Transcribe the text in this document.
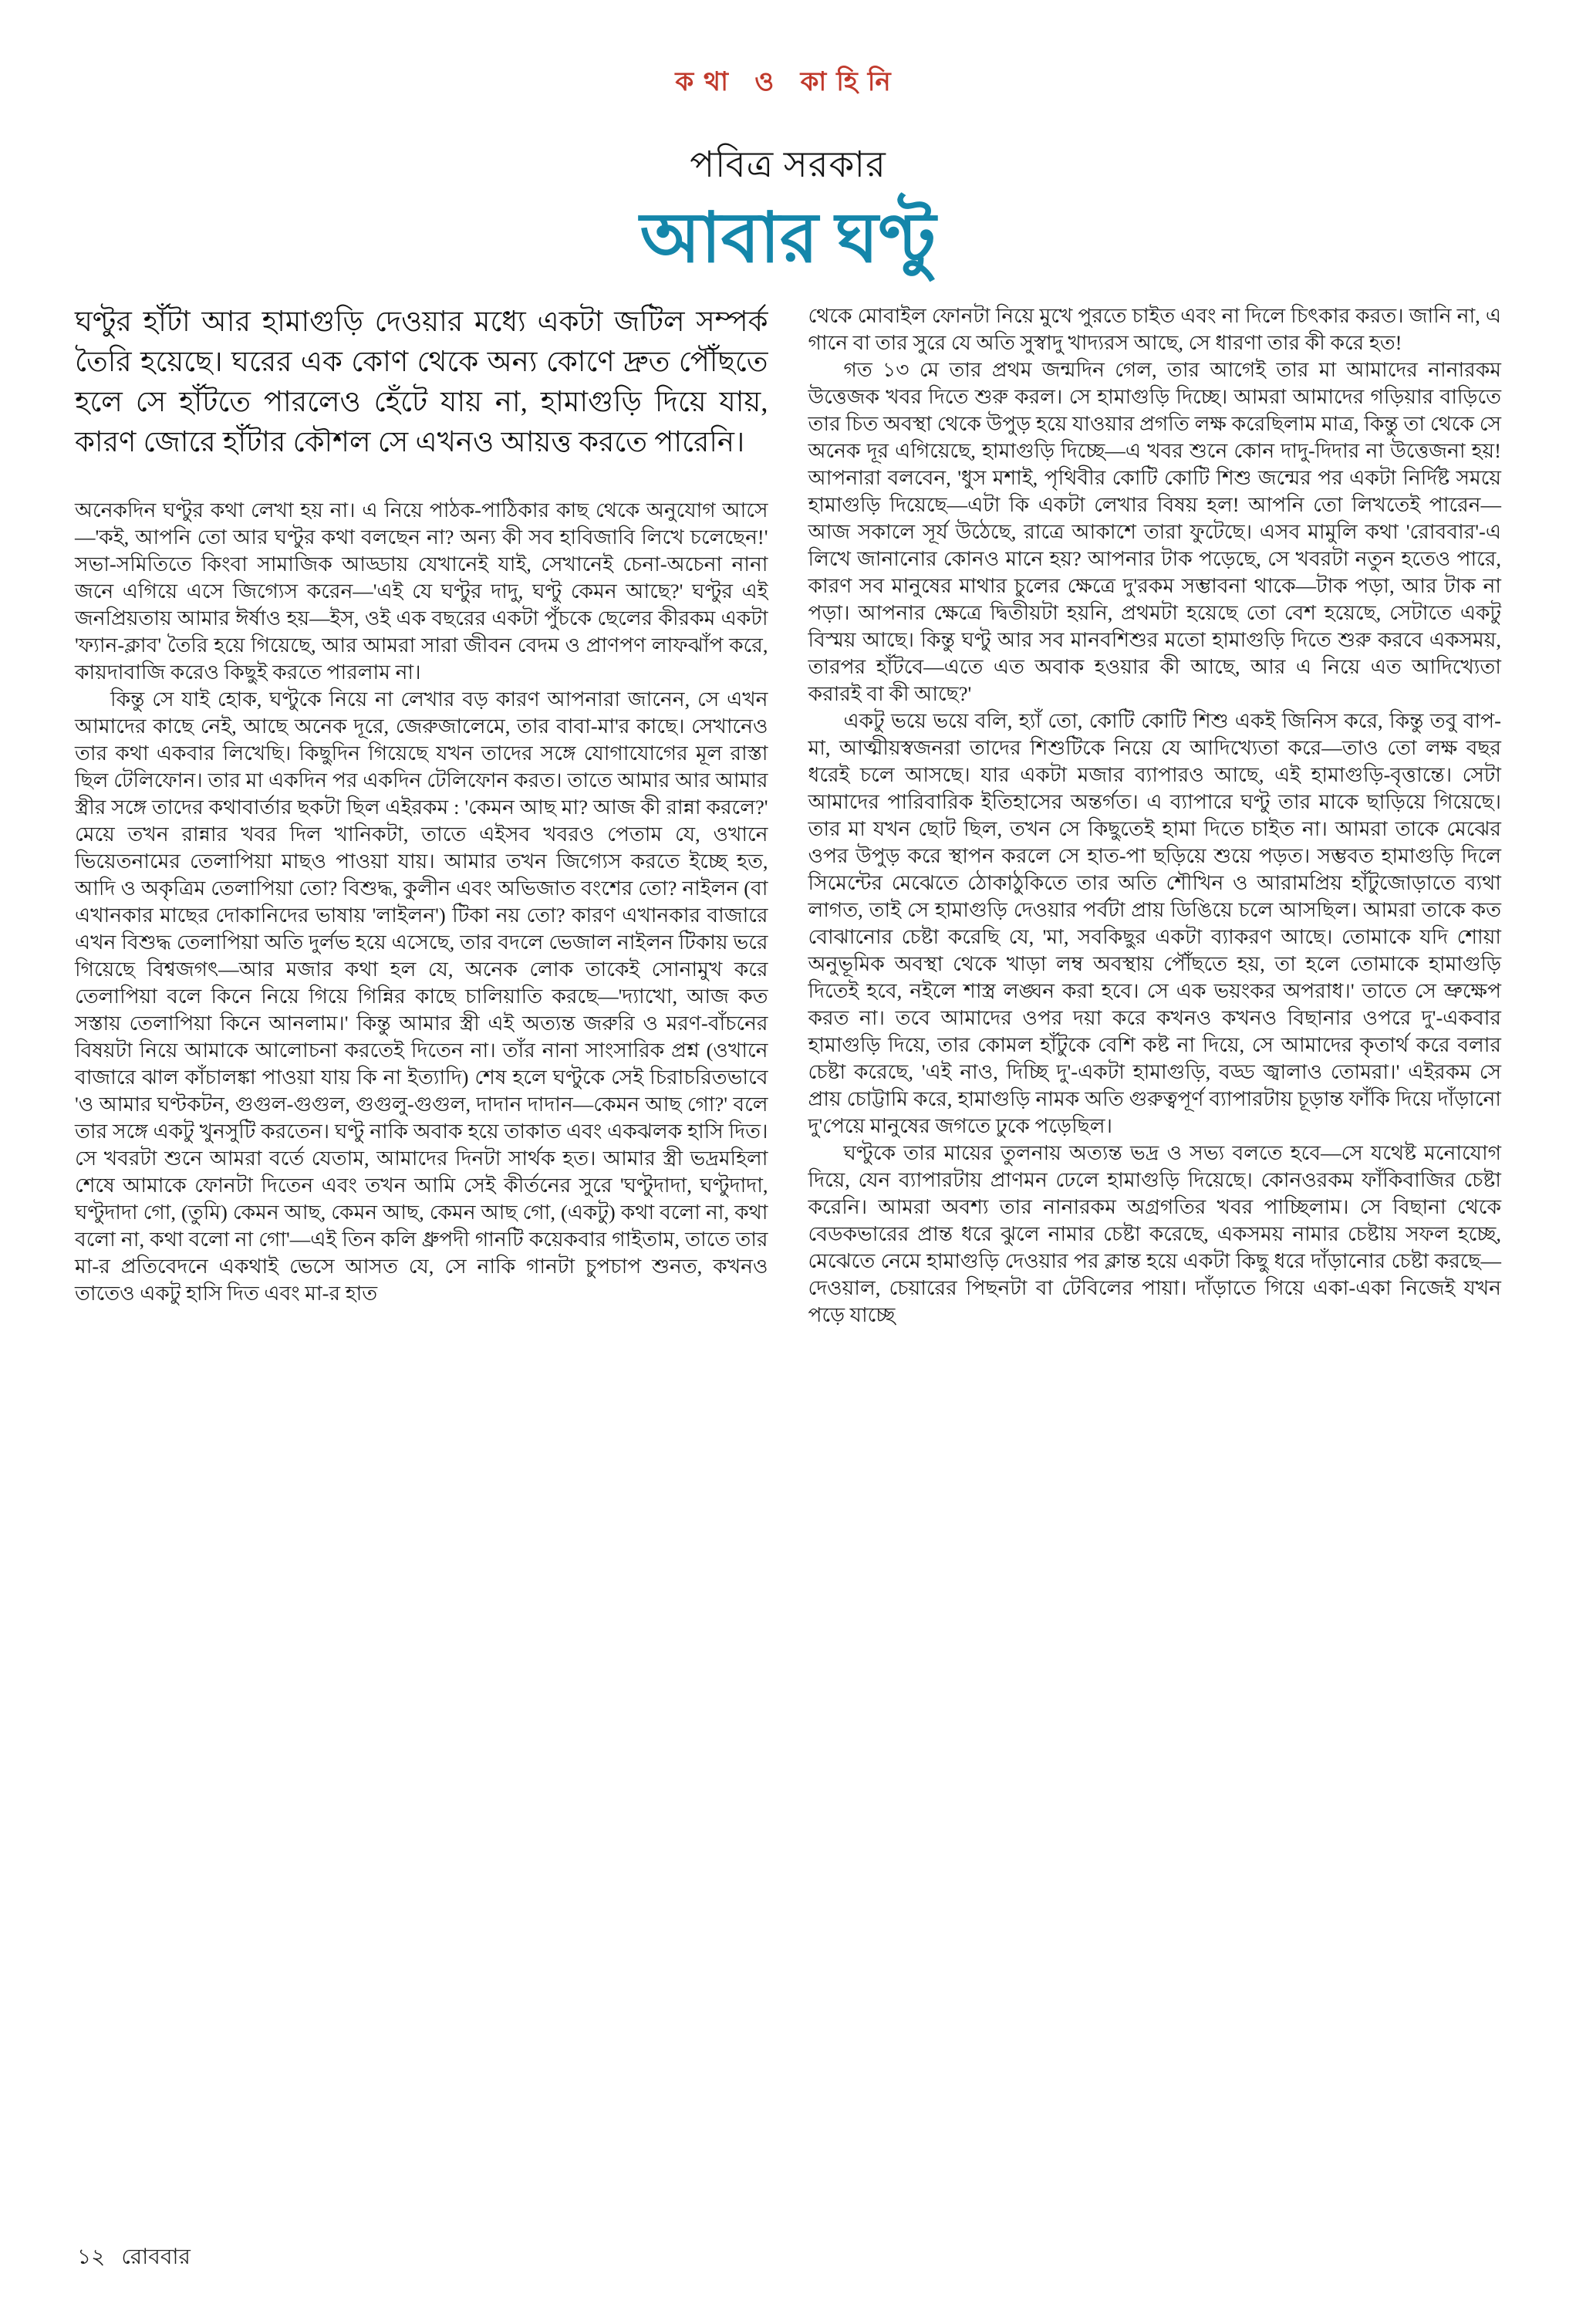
কথা ও কাহিনি
পবিত্র সরকার
আবার ঘণ্টু

ঘণ্টুর হাঁটা আর হামাগুড়ি দেওয়ার মধ্যে একটা জটিল সম্পর্ক তৈরি হয়েছে। ঘরের এক কোণ থেকে অন্য কোণে দ্রুত পৌঁছতে হলে সে হাঁটতে পারলেও হেঁটে যায় না, হামাগুড়ি দিয়ে যায়, কারণ জোরে হাঁটার কৌশল সে এখনও আয়ত্ত করতে পারেনি।

অনেকদিন ঘণ্টুর কথা লেখা হয় না। এ নিয়ে পাঠক-পাঠিকার কাছ থেকে অনুযোগ আসে—'কই, আপনি তো আর ঘণ্টুর কথা বলছেন না? অন্য কী সব হাবিজাবি লিখে চলেছেন!' সভা-সমিতিতে কিংবা সামাজিক আড্ডায় যেখানেই যাই, সেখানেই চেনা-অচেনা নানা জনে এগিয়ে এসে জিগ্যেস করেন—'এই যে ঘণ্টুর দাদু, ঘণ্টু কেমন আছে?' ঘণ্টুর এই জনপ্রিয়তায় আমার ঈর্ষাও হয়—ইস, ওই এক বছরের একটা পুঁচকে ছেলের কীরকম একটা 'ফ্যান-ক্লাব' তৈরি হয়ে গিয়েছে, আর আমরা সারা জীবন বেদম ও প্রাণপণ লাফঝাঁপ করে, কায়দাবাজি করেও কিছুই করতে পারলাম না।

কিন্তু সে যাই হোক, ঘণ্টুকে নিয়ে না লেখার বড় কারণ আপনারা জানেন, সে এখন আমাদের কাছে নেই, আছে অনেক দূরে, জেরুজালেমে, তার বাবা-মা'র কাছে। সেখানেও তার কথা একবার লিখেছি। কিছুদিন গিয়েছে যখন তাদের সঙ্গে যোগাযোগের মূল রাস্তা ছিল টেলিফোন। তার মা একদিন পর একদিন টেলিফোন করত। তাতে আমার আর আমার স্ত্রীর সঙ্গে তাদের কথাবার্তার ছকটা ছিল এইরকম : 'কেমন আছ মা? আজ কী রান্না করলে?' মেয়ে তখন রান্নার খবর দিল খানিকটা, তাতে এইসব খবরও পেতাম যে, ওখানে ভিয়েতনামের তেলাপিয়া মাছও পাওয়া যায়। আমার তখন জিগ্যেস করতে ইচ্ছে হত, আদি ও অকৃত্রিম তেলাপিয়া তো? বিশুদ্ধ, কুলীন এবং অভিজাত বংশের তো? নাইলন (বা এখানকার মাছের দোকানিদের ভাষায় 'লাইলন') টিকা নয় তো? কারণ এখানকার বাজারে এখন বিশুদ্ধ তেলাপিয়া অতি দুর্লভ হয়ে এসেছে, তার বদলে ভেজাল নাইলন টিকায় ভরে গিয়েছে বিশ্বজগৎ—আর মজার কথা হল যে, অনেক লোক তাকেই সোনামুখ করে তেলাপিয়া বলে কিনে নিয়ে গিয়ে গিন্নির কাছে চালিয়াতি করছে—'দ্যাখো, আজ কত সস্তায় তেলাপিয়া কিনে আনলাম।' কিন্তু আমার স্ত্রী এই অত্যন্ত জরুরি ও মরণ-বাঁচনের বিষয়টা নিয়ে আমাকে আলোচনা করতেই দিতেন না। তাঁর নানা সাংসারিক প্রশ্ন (ওখানে বাজারে ঝাল কাঁচালঙ্কা পাওয়া যায় কি না ইত্যাদি) শেষ হলে ঘণ্টুকে সেই চিরাচরিতভাবে 'ও আমার ঘণ্টকটন, গুগুল-গুগুল, গুগুলু-গুগুল, দাদান দাদান—কেমন আছ গো?' বলে তার সঙ্গে একটু খুনসুটি করতেন। ঘণ্টু নাকি অবাক হয়ে তাকাত এবং একঝলক হাসি দিত। সে খবরটা শুনে আমরা বর্তে যেতাম, আমাদের দিনটা সার্থক হত। আমার স্ত্রী ভদ্রমহিলা শেষে আমাকে ফোনটা দিতেন এবং তখন আমি সেই কীর্তনের সুরে 'ঘণ্টুদাদা, ঘণ্টুদাদা, ঘণ্টুদাদা গো, (তুমি) কেমন আছ, কেমন আছ, কেমন আছ গো, (একটু) কথা বলো না, কথা বলো না, কথা বলো না গো'—এই তিন কলি ধ্রুপদী গানটি কয়েকবার গাইতাম, তাতে তার মা-র প্রতিবেদনে একথাই ভেসে আসত যে, সে নাকি গানটা চুপচাপ শুনত, কখনও তাতেও একটু হাসি দিত এবং মা-র হাত

থেকে মোবাইল ফোনটা নিয়ে মুখে পুরতে চাইত এবং না দিলে চিৎকার করত। জানি না, এ গানে বা তার সুরে যে অতি সুস্বাদু খাদ্যরস আছে, সে ধারণা তার কী করে হত!

গত ১৩ মে তার প্রথম জন্মদিন গেল, তার আগেই তার মা আমাদের নানারকম উত্তেজক খবর দিতে শুরু করল। সে হামাগুড়ি দিচ্ছে। আমরা আমাদের গড়িয়ার বাড়িতে তার চিত অবস্থা থেকে উপুড় হয়ে যাওয়ার প্রগতি লক্ষ করেছিলাম মাত্র, কিন্তু তা থেকে সে অনেক দূর এগিয়েছে, হামাগুড়ি দিচ্ছে—এ খবর শুনে কোন দাদু-দিদার না উত্তেজনা হয়! আপনারা বলবেন, 'ধুস মশাই, পৃথিবীর কোটি কোটি শিশু জন্মের পর একটা নির্দিষ্ট সময়ে হামাগুড়ি দিয়েছে—এটা কি একটা লেখার বিষয় হল! আপনি তো লিখতেই পারেন—আজ সকালে সূর্য উঠেছে, রাত্রে আকাশে তারা ফুটেছে। এসব মামুলি কথা 'রোববার'-এ লিখে জানানোর কোনও মানে হয়? আপনার টাক পড়েছে, সে খবরটা নতুন হতেও পারে, কারণ সব মানুষের মাথার চুলের ক্ষেত্রে দু'রকম সম্ভাবনা থাকে—টাক পড়া, আর টাক না পড়া। আপনার ক্ষেত্রে দ্বিতীয়টা হয়নি, প্রথমটা হয়েছে তো বেশ হয়েছে, সেটাতে একটু বিস্ময় আছে। কিন্তু ঘণ্টু আর সব মানবশিশুর মতো হামাগুড়ি দিতে শুরু করবে একসময়, তারপর হাঁটবে—এতে এত অবাক হওয়ার কী আছে, আর এ নিয়ে এত আদিখ্যেতা করারই বা কী আছে?'

একটু ভয়ে ভয়ে বলি, হ্যাঁ তো, কোটি কোটি শিশু একই জিনিস করে, কিন্তু তবু বাপ-মা, আত্মীয়স্বজনরা তাদের শিশুটিকে নিয়ে যে আদিখ্যেতা করে—তাও তো লক্ষ বছর ধরেই চলে আসছে। যার একটা মজার ব্যাপারও আছে, এই হামাগুড়ি-বৃত্তান্তে। সেটা আমাদের পারিবারিক ইতিহাসের অন্তর্গত। এ ব্যাপারে ঘণ্টু তার মাকে ছাড়িয়ে গিয়েছে। তার মা যখন ছোট ছিল, তখন সে কিছুতেই হামা দিতে চাইত না। আমরা তাকে মেঝের ওপর উপুড় করে স্থাপন করলে সে হাত-পা ছড়িয়ে শুয়ে পড়ত। সম্ভবত হামাগুড়ি দিলে সিমেন্টের মেঝেতে ঠোকাঠুকিতে তার অতি শৌখিন ও আরামপ্রিয় হাঁটুজোড়াতে ব্যথা লাগত, তাই সে হামাগুড়ি দেওয়ার পর্বটা প্রায় ডিঙিয়ে চলে আসছিল। আমরা তাকে কত বোঝানোর চেষ্টা করেছি যে, 'মা, সবকিছুর একটা ব্যাকরণ আছে। তোমাকে যদি শোয়া অনুভূমিক অবস্থা থেকে খাড়া লম্ব অবস্থায় পৌঁছতে হয়, তা হলে তোমাকে হামাগুড়ি দিতেই হবে, নইলে শাস্ত্র লঙ্ঘন করা হবে। সে এক ভয়ংকর অপরাধ।' তাতে সে ভ্রুক্ষেপ করত না। তবে আমাদের ওপর দয়া করে কখনও কখনও বিছানার ওপরে দু'-একবার হামাগুড়ি দিয়ে, তার কোমল হাঁটুকে বেশি কষ্ট না দিয়ে, সে আমাদের কৃতার্থ করে বলার চেষ্টা করেছে, 'এই নাও, দিচ্ছি দু'-একটা হামাগুড়ি, বড্ড জ্বালাও তোমরা।' এইরকম সে প্রায় চোট্টামি করে, হামাগুড়ি নামক অতি গুরুত্বপূর্ণ ব্যাপারটায় চূড়ান্ত ফাঁকি দিয়ে দাঁড়ানো দু'পেয়ে মানুষের জগতে ঢুকে পড়েছিল।

ঘণ্টুকে তার মায়ের তুলনায় অত্যন্ত ভদ্র ও সভ্য বলতে হবে—সে যথেষ্ট মনোযোগ দিয়ে, যেন ব্যাপারটায় প্রাণমন ঢেলে হামাগুড়ি দিয়েছে। কোনওরকম ফাঁকিবাজির চেষ্টা করেনি। আমরা অবশ্য তার নানারকম অগ্রগতির খবর পাচ্ছিলাম। সে বিছানা থেকে বেডকভারের প্রান্ত ধরে ঝুলে নামার চেষ্টা করেছে, একসময় নামার চেষ্টায় সফল হচ্ছে, মেঝেতে নেমে হামাগুড়ি দেওয়ার পর ক্লান্ত হয়ে একটা কিছু ধরে দাঁড়ানোর চেষ্টা করছে—দেওয়াল, চেয়ারের পিছনটা বা টেবিলের পায়া। দাঁড়াতে গিয়ে একা-একা নিজেই যখন পড়ে যাচ্ছে

১২ রোববার
